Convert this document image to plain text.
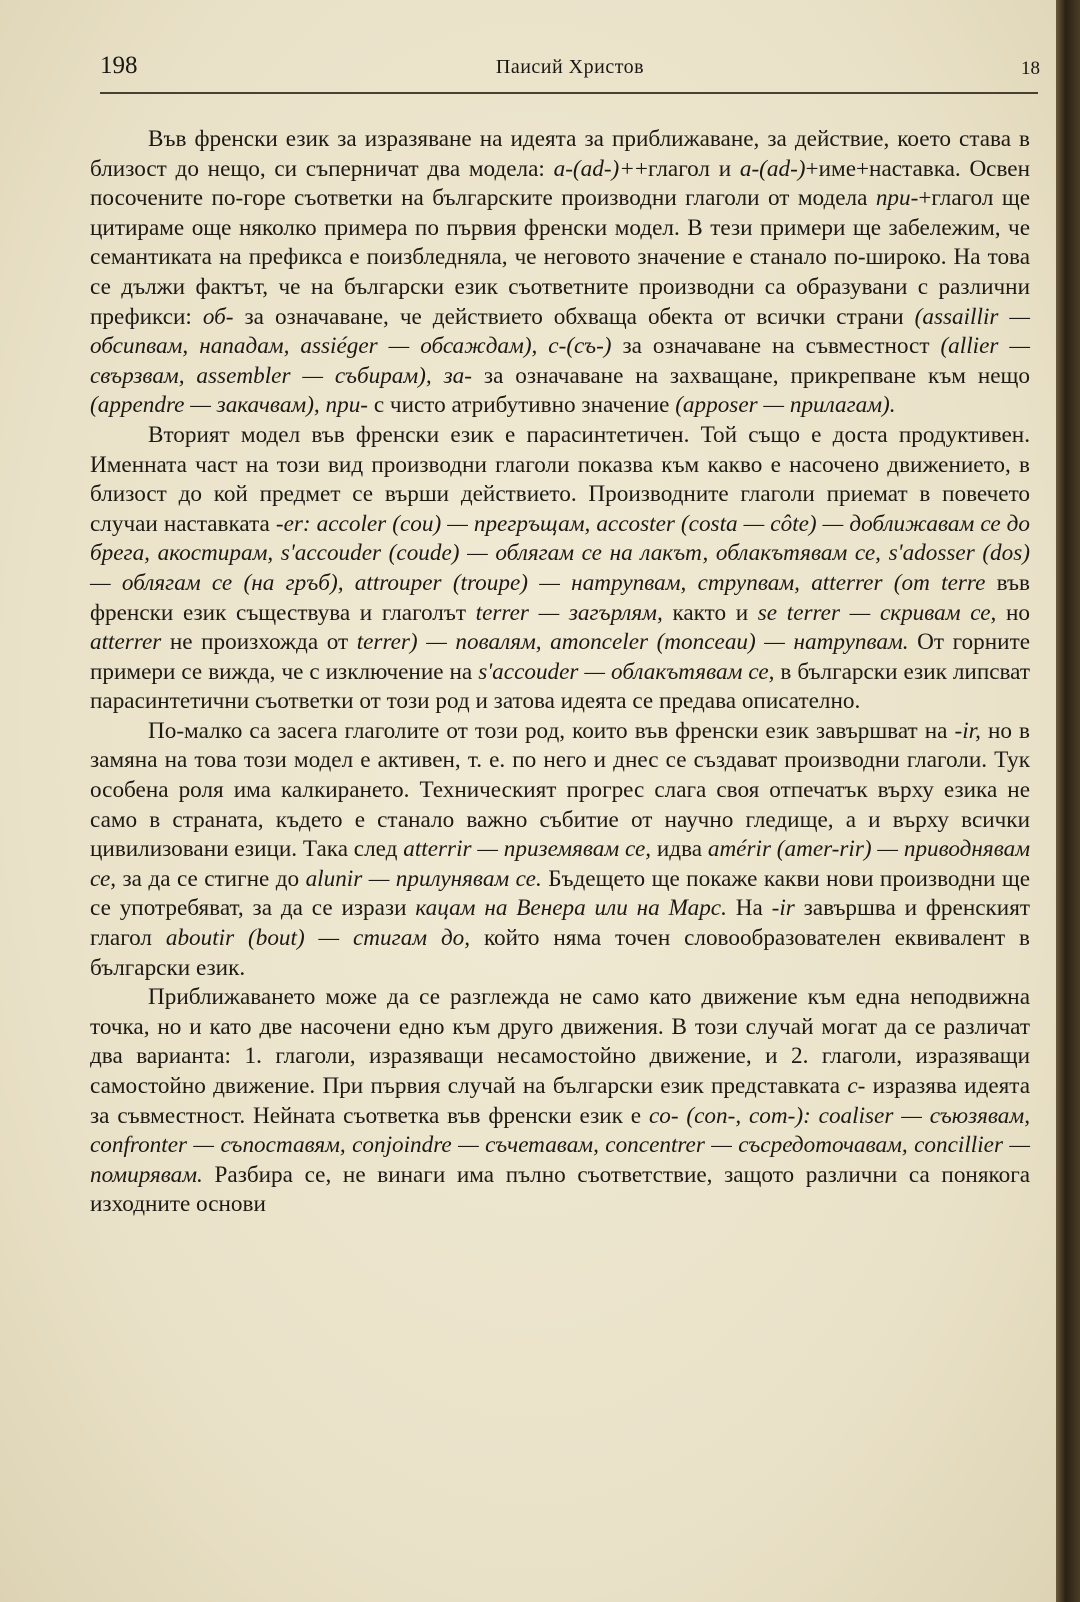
198	Паисий Христов	18

Във френски език за изразяване на идеята за приближаване, за действие, което става в близост до нещо, си съперничат два модела: a-(ad-)++глагол и a-(ad-)+име+наставка. Освен посочените по-горе съответки на българските производни глаголи от модела при-+глагол ще цитираме още няколко примера по първия френски модел. В тези примери ще забележим, че семантиката на префикса е поизбледняла, че неговото значение е станало по-широко. На това се дължи фактът, че на български език съответните производни са образувани с различни префикси: об- за означаване, че действието обхваща обекта от всички страни (assaillir — обсипвам, нападам, assiéger — обсаждам), с-(съ-) за означаване на съвместност (allier — свързвам, assembler — събирам), за- за означаване на захващане, прикрепване към нещо (appendre — закачвам), при- с чисто атрибутивно значение (apposer — прилагам).

Вторият модел във френски език е парасинтетичен. Той също е доста продуктивен. Именната част на този вид производни глаголи показва към какво е насочено движението, в близост до кой предмет се върши действието. Производните глаголи приемат в повечето случаи наставката -er: accoler (cou) — прегръщам, accoster (costa — côte) — доближавам се до брега, акостирам, s'accouder (coude) — облягам се на лакът, облакътявам се, s'adosser (dos) — облягам се (на гръб), attrouper (troupe) — натрупвам, струпвам, atterrer (от terre във френски език съществува и глаголът terrer — загърлям, както и se terrer — скривам се, но atterrer не произхожда от terrer) — повалям, amonceler (monceau) — натрупвам. От горните примери се вижда, че с изключение на s'accouder — облакътявам се, в български език липсват парасинтетични съответки от този род и затова идеята се предава описателно.

По-малко са засега глаголите от този род, които във френски език завършват на -ir, но в замяна на това този модел е активен, т. е. по него и днес се създават производни глаголи. Тук особена роля има калкирането. Техническият прогрес слага своя отпечатък върху езика не само в страната, където е станало важно събитие от научно гледище, а и върху всички цивилизовани езици. Така след atterrir — приземявам се, идва amérir (amer-rir) — приводнявам се, за да се стигне до alunir — прилунявам се. Бъдещето ще покаже какви нови производни ще се употребяват, за да се изрази кацам на Венера или на Марс. На -ir завършва и френският глагол aboutir (bout) — стигам до, който няма точен словообразователен еквивалент в български език.

Приближаването може да се разглежда не само като движение към една неподвижна точка, но и като две насочени едно към друго движения. В този случай могат да се различат два варианта: 1. глаголи, изразяващи несамостойно движение, и 2. глаголи, изразяващи самостойно движение. При първия случай на български език представката с- изразява идеята за съвместност. Нейната съответка във френски език е co- (con-, com-): coaliser — съюзявам, confronter — съпоставям, conjoindre — съчетавам, concentrer — съсредоточавам, concillier — помирявам. Разбира се, не винаги има пълно съответствие, защото различни са понякога изходните основи
